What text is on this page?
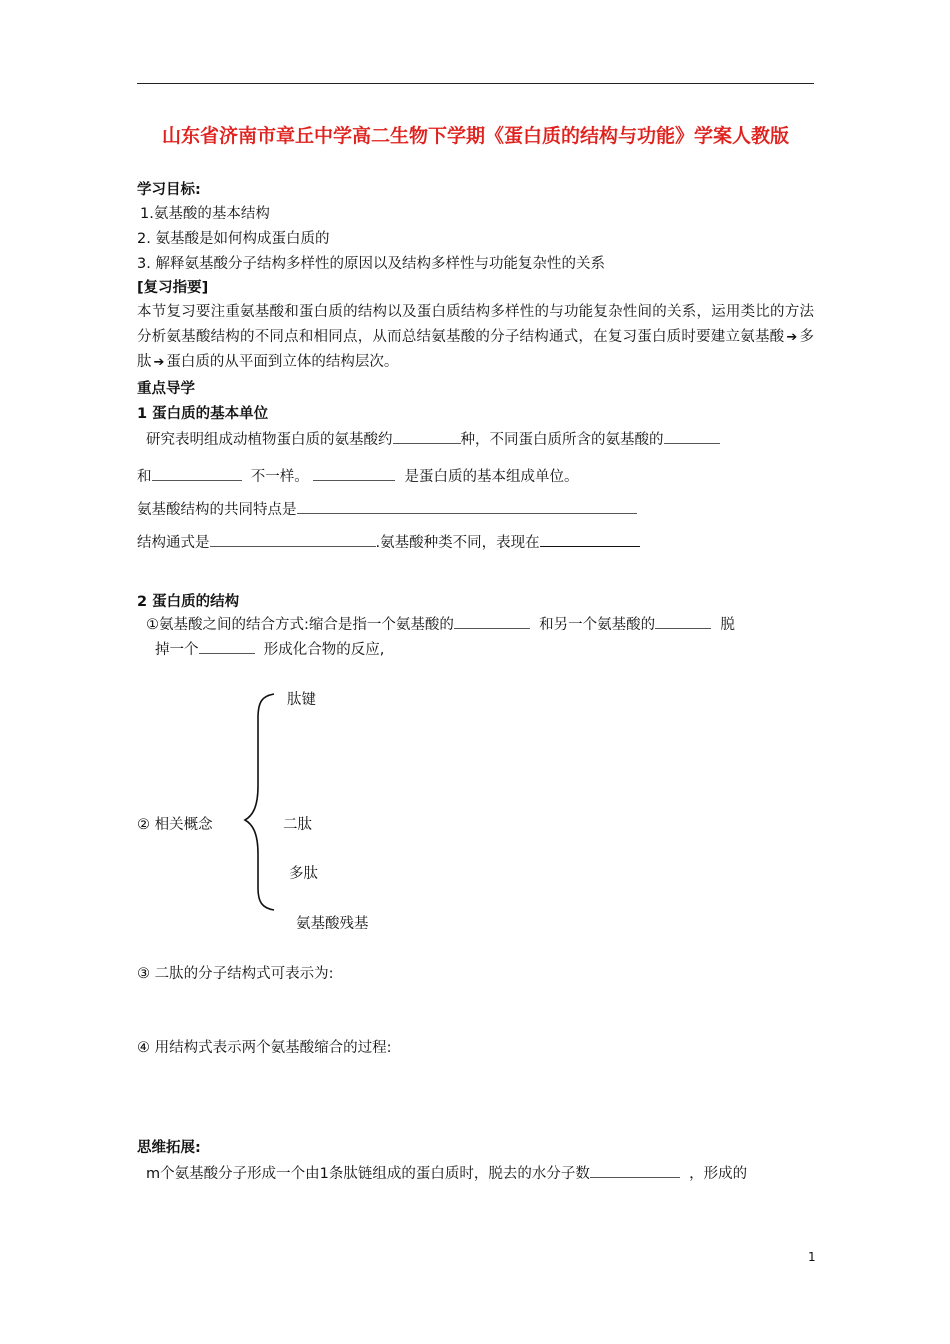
山东省济南市章丘中学高二生物下学期《蛋白质的结构与功能》学案人教版
学习目标:
1.氨基酸的基本结构
2. 氨基酸是如何构成蛋白质的
3. 解释氨基酸分子结构多样性的原因以及结构多样性与功能复杂性的关系
[复习指要]
本节复习要注重氨基酸和蛋白质的结构以及蛋白质结构多样性的与功能复杂性间的关系，运用类比的方法分析氨基酸结构的不同点和相同点，从而总结氨基酸的分子结构通式，在复习蛋白质时要建立氨基酸 ➔ 多肽 ➔ 蛋白质的从平面到立体的结构层次。
重点导学
1 蛋白质的基本单位
研究表明组成动植物蛋白质的氨基酸约	种，不同蛋白质所含的氨基酸的
和	不一样。	是蛋白质的基本组成单位。
氨基酸结构的共同特点是
结构通式是	.氨基酸种类不同，表现在
2 蛋白质的结构
①氨基酸之间的结合方式:缩合是指一个氨基酸的	和另一个氨基酸的	脱
掉一个	形成化合物的反应,
② 相关概念
肽键
二肽
多肽
氨基酸残基
③ 二肽的分子结构式可表示为:
④ 用结构式表示两个氨基酸缩合的过程:
思维拓展:
m个氨基酸分子形成一个由1条肽链组成的蛋白质时，脱去的水分子数	，形成的
1
